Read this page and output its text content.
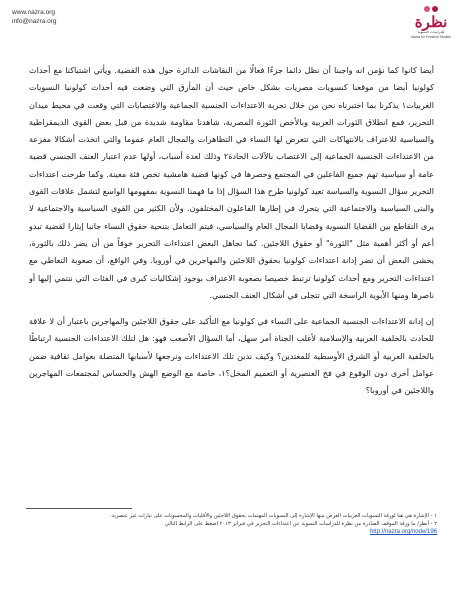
www.nazra.org
info@nazra.org	نظرة
للدراسات النسوية
Nazra for Feminist Studies

أيضا كانوا كما نؤمن انه واجبنا أن نظل دائما جزءًا فعالًا من النقاشات الدائرة حول هذه القضية. ويأتي اشتباكنا مع أحداث كولونيا أيضا من موقعنا كنسويات مصريات بشكل خاص حيث أن المأزق التي وضعت فيه أحداث كولونيا النسويات الغربيات١ يذكرنا بما اختبرناه نحن من خلال تجربة الاعتداءات الجنسية الجماعية والاغتصابات التي وقعت في محيط ميدان التحرير، فمع انطلاق الثورات العربية وبالأخص الثورة المصرية، شاهدنا مقاومة شديدة من قبل بعض القوى الديمقراطية والسياسية للاعتراف بالانتهاكات التي تتعرض لها النساء في التظاهرات والمجال العام عموما والتي اتخذت أشكالا مفزعة من الاعتداءات الجنسية الجماعية إلى الاغتصاب بالآلات الحادة٢ وذلك لعدة أسباب، أولها عدم اعتبار العنف الجنسي قضية عامة أو سياسية تهم جميع الفاعلين في المجتمع وحصرها في كونها قضية هامشية تخص فئة معينة. وكما طرحت اعتداءات التحرير سؤال النسوية والسياسة تعيد كولونيا طرح هذا السؤال إذا ما فهمنا النسوية بمفهومها الواسع لتشمل علاقات القوى والبنى السياسية والاجتماعية التي يتحرك في إطارها الفاعلون المختلفون. ولأن الكثير من القوى السياسية والاجتماعية لا يرى التقاطع بين القضايا النسوية وقضايا المجال العام والسياسي، فيتم التعامل بتنحية حقوق النساء جانبا إيثارا لقضية تبدو أعم أو أكثر أهمية مثل "الثورة" أو حقوق اللاجئين. كما تجاهل البعض اعتداءات التحرير خوفاً من أن يضر ذلك بالثورة، يخشى البعض أن تضر إدانة اعتداءات كولونيا بحقوق اللاجئين والمهاجرين في أوروبا. وفي الواقع، أن صعوبة التعاطي مع اعتداءات التحرير ومع أحداث كولونيا ترتبط خصيصا بصعوبة الاعتراف بوجود إشكاليات كبرى في الفئات التي ننتمي إليها أو ناصرها ومنها الأبوية الراسخة التي تتجلى في أشكال العنف الجنسي.

إن إدانة الاعتداءات الجنسية الجماعية على النساء في كولونيا مع التأكيد على حقوق اللاجئين والمهاجرين باعتبار أن لا علاقة للحادث بالخلفية العربية والإسلامية لأغلب الجناة أمر سهل، أما السؤال الأصعب فهو: هل لتلك الاعتداءات الجنسية ارتباطًا بالخلفية العربية أو الشرق الأوسطية للمعتدين؟ وكيف ندين تلك الاعتداءات ونرجعها لأسبابها المتصلة بعوامل ثقافية ضمن عوامل أخرى دون الوقوع في فخ العنصرية أو التعميم المخل؟١، خاصة مع الوضع الهش والحساس لمجتمعات المهاجرين واللاجئين في أوروبا؟

١ - الإشارة هي هنا لورقة النسويات الغربيات الغرض منها الإشارة إلى النسويات المهتمات بحقوق اللاجئين والأقليات والمحسوبات على تيارات غير عنصرية.
٢ - أنظر/ ما ورقة الموقف الصادرة من نظرة للدراسات النسوية عن اعتداءات التحرير في فبراير ٢٠١٣ اضغط على الرابط التالي
http://nazra.org/node/196
